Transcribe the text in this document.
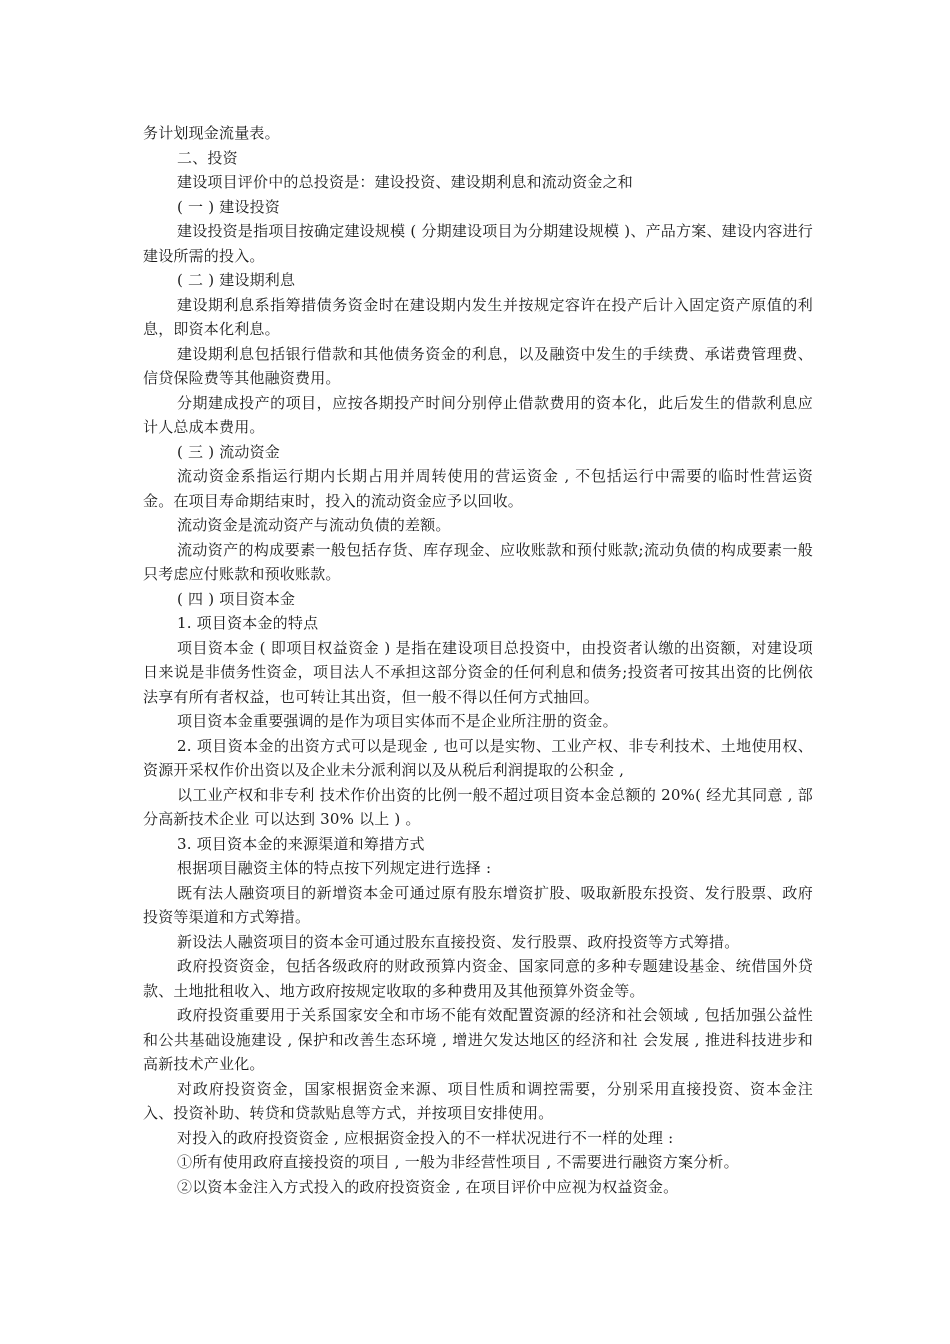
务计划现金流量表。

二、投资

建设项目评价中的总投资是：建设投资、建设期利息和流动资金之和

( 一 ) 建设投资

建设投资是指项目按确定建设规模 ( 分期建设项目为分期建设规模 )、产品方案、建设内容进行建设所需的投入。

( 二 ) 建设期利息

建设期利息系指筹措债务资金时在建设期内发生并按规定容许在投产后计入固定资产原值的利息，即资本化利息。

建设期利息包括银行借款和其他债务资金的利息，以及融资中发生的手续费、承诺费管理费、信贷保险费等其他融资费用。

分期建成投产的项目，应按各期投产时间分别停止借款费用的资本化，此后发生的借款利息应计人总成本费用。

( 三 ) 流动资金

流动资金系指运行期内长期占用并周转使用的营运资金 , 不包括运行中需要的临时性营运资金。在项目寿命期结束时，投入的流动资金应予以回收。

流动资金是流动资产与流动负债的差额。

流动资产的构成要素一般包括存货、库存现金、应收账款和预付账款;流动负债的构成要素一般只考虑应付账款和预收账款。

( 四 ) 项目资本金

1. 项目资本金的特点

项目资本金 ( 即项目权益资金 ) 是指在建设项目总投资中，由投资者认缴的出资额，对建设项日来说是非债务性资金，项目法人不承担这部分资金的任何利息和债务;投资者可按其出资的比例依法享有所有者权益，也可转让其出资，但一般不得以任何方式抽回。

项目资本金重要强调的是作为项目实体而不是企业所注册的资金。

2. 项目资本金的出资方式可以是现金 , 也可以是实物、工业产权、非专利技术、土地使用权、资源开采权作价出资以及企业未分派利润以及从税后利润提取的公积金 ,

以工业产权和非专利 技术作价出资的比例一般不超过项目资本金总额的 20%( 经尤其同意 , 部分高新技术企业 可以达到 30% 以上 ) 。

3. 项目资本金的来源渠道和筹措方式

根据项目融资主体的特点按下列规定进行选择 :

既有法人融资项目的新增资本金可通过原有股东增资扩股、吸取新股东投资、发行股票、政府投资等渠道和方式筹措。

新设法人融资项目的资本金可通过股东直接投资、发行股票、政府投资等方式筹措。

政府投资资金，包括各级政府的财政预算内资金、国家同意的多种专题建设基金、统借国外贷款、土地批租收入、地方政府按规定收取的多种费用及其他预算外资金等。

政府投资重要用于关系国家安全和市场不能有效配置资源的经济和社会领域 , 包括加强公益性和公共基础设施建设 , 保护和改善生态环境 , 增进欠发达地区的经济和社 会发展 , 推进科技进步和高新技术产业化。

对政府投资资金，国家根据资金来源、项目性质和调控需要，分别采用直接投资、资本金注入、投资补助、转贷和贷款贴息等方式，并按项目安排使用。

对投入的政府投资资金 , 应根据资金投入的不一样状况进行不一样的处理 :

①所有使用政府直接投资的项目 , 一般为非经营性项目 , 不需要进行融资方案分析。

②以资本金注入方式投入的政府投资资金 , 在项目评价中应视为权益资金。
